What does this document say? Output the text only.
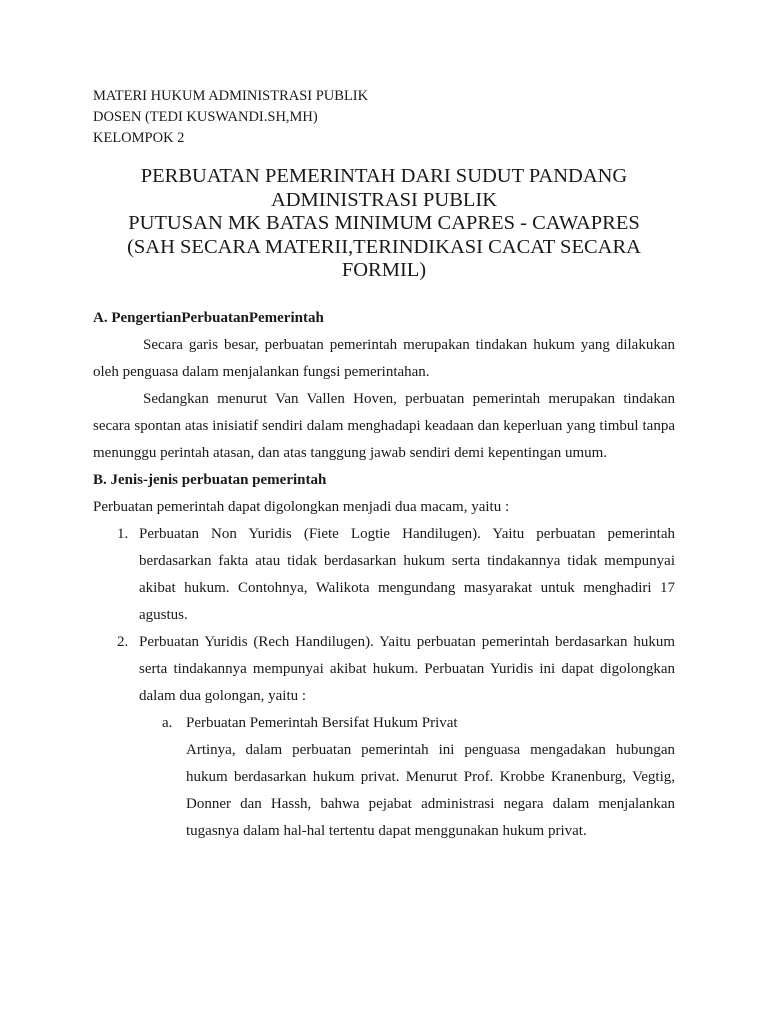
MATERI HUKUM ADMINISTRASI PUBLIK
DOSEN (TEDI KUSWANDI.SH,MH)
KELOMPOK 2
PERBUATAN PEMERINTAH DARI SUDUT PANDANG
ADMINISTRASI PUBLIK
PUTUSAN MK BATAS MINIMUM CAPRES - CAWAPRES
(SAH SECARA MATERII,TERINDIKASI CACAT SECARA
FORMIL)
A. PengertianPerbuatanPemerintah

Secara garis besar, perbuatan pemerintah merupakan tindakan hukum yang dilakukan oleh penguasa dalam menjalankan fungsi pemerintahan.

Sedangkan menurut Van Vallen Hoven, perbuatan pemerintah merupakan tindakan secara spontan atas inisiatif sendiri dalam menghadapi keadaan dan keperluan yang timbul tanpa menunggu perintah atasan, dan atas tanggung jawab sendiri demi kepentingan umum.

B. Jenis-jenis perbuatan pemerintah

Perbuatan pemerintah dapat digolongkan menjadi dua macam, yaitu :

1. Perbuatan Non Yuridis (Fiete Logtie Handilugen). Yaitu perbuatan pemerintah berdasarkan fakta atau tidak berdasarkan hukum serta tindakannya tidak mempunyai akibat hukum. Contohnya, Walikota mengundang masyarakat untuk menghadiri 17 agustus.
2. Perbuatan Yuridis (Rech Handilugen). Yaitu perbuatan pemerintah berdasarkan hukum serta tindakannya mempunyai akibat hukum. Perbuatan Yuridis ini dapat digolongkan dalam dua golongan, yaitu :
a. Perbuatan Pemerintah Bersifat Hukum Privat
Artinya, dalam perbuatan pemerintah ini penguasa mengadakan hubungan hukum berdasarkan hukum privat. Menurut Prof. Krobbe Kranenburg, Vegtig, Donner dan Hassh, bahwa pejabat administrasi negara dalam menjalankan tugasnya dalam hal-hal tertentu dapat menggunakan hukum privat.
